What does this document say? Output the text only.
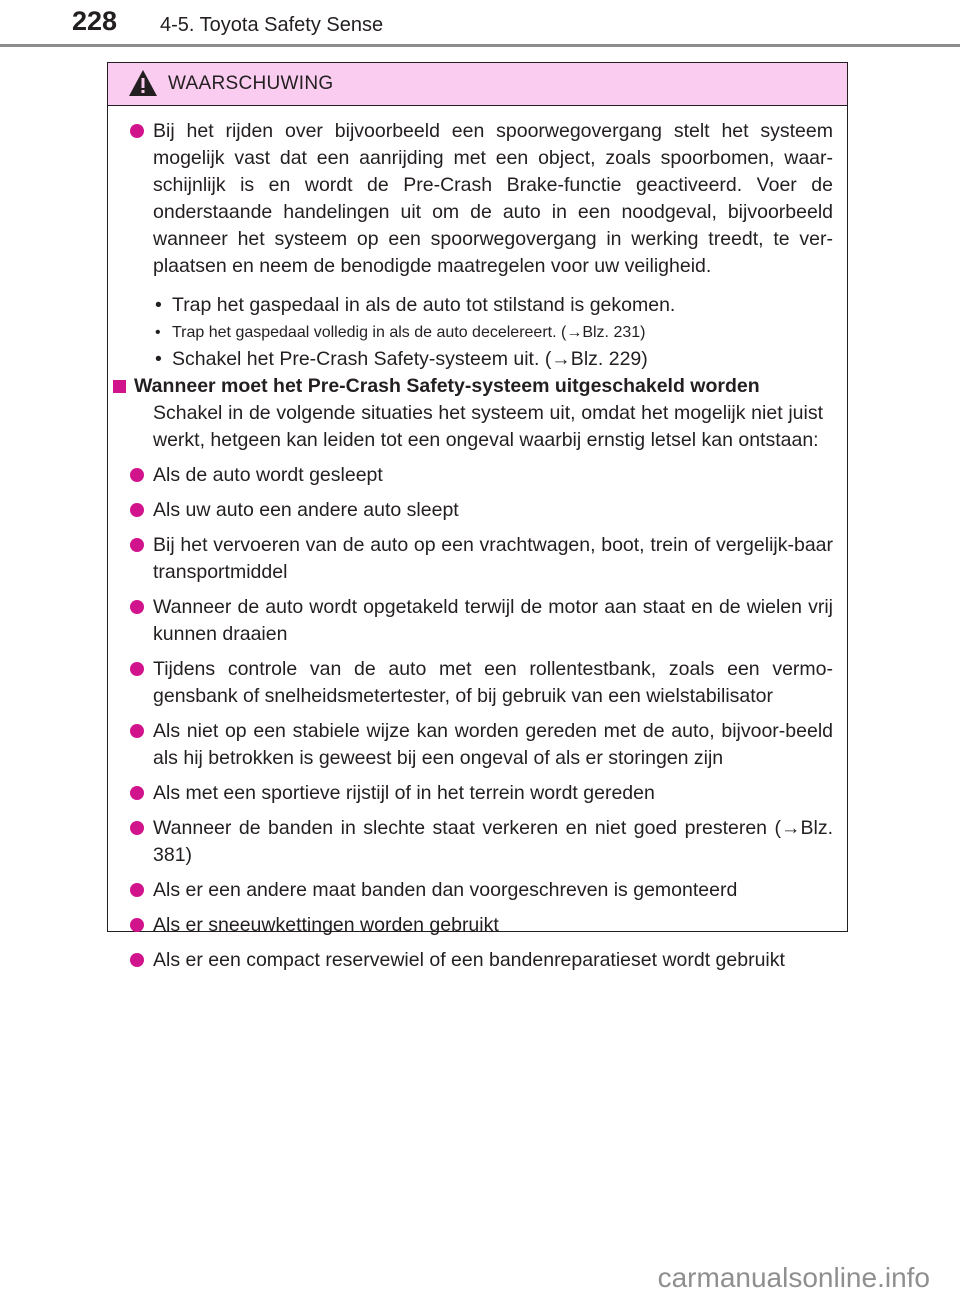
228 4-5. Toyota Safety Sense
WAARSCHUWING
Bij het rijden over bijvoorbeeld een spoorwegovergang stelt het systeem mogelijk vast dat een aanrijding met een object, zoals spoorbomen, waar-schijnlijk is en wordt de Pre-Crash Brake-functie geactiveerd. Voer de onderstaande handelingen uit om de auto in een noodgeval, bijvoorbeeld wanneer het systeem op een spoorwegovergang in werking treedt, te ver-plaatsen en neem de benodigde maatregelen voor uw veiligheid.
• Trap het gaspedaal in als de auto tot stilstand is gekomen.
• Trap het gaspedaal volledig in als de auto decelereert. (→Blz. 231)
• Schakel het Pre-Crash Safety-systeem uit. (→Blz. 229)
Wanneer moet het Pre-Crash Safety-systeem uitgeschakeld worden
Schakel in de volgende situaties het systeem uit, omdat het mogelijk niet juist werkt, hetgeen kan leiden tot een ongeval waarbij ernstig letsel kan ontstaan:
Als de auto wordt gesleept
Als uw auto een andere auto sleept
Bij het vervoeren van de auto op een vrachtwagen, boot, trein of vergelijk-baar transportmiddel
Wanneer de auto wordt opgetakeld terwijl de motor aan staat en de wielen vrij kunnen draaien
Tijdens controle van de auto met een rollentestbank, zoals een vermo-gensbank of snelheidsmetertester, of bij gebruik van een wielstabilisator
Als niet op een stabiele wijze kan worden gereden met de auto, bijvoor-beeld als hij betrokken is geweest bij een ongeval of als er storingen zijn
Als met een sportieve rijstijl of in het terrein wordt gereden
Wanneer de banden in slechte staat verkeren en niet goed presteren (→Blz. 381)
Als er een andere maat banden dan voorgeschreven is gemonteerd
Als er sneeuwkettingen worden gebruikt
Als er een compact reservewiel of een bandenreparatieset wordt gebruikt
carmanualsonline.info
